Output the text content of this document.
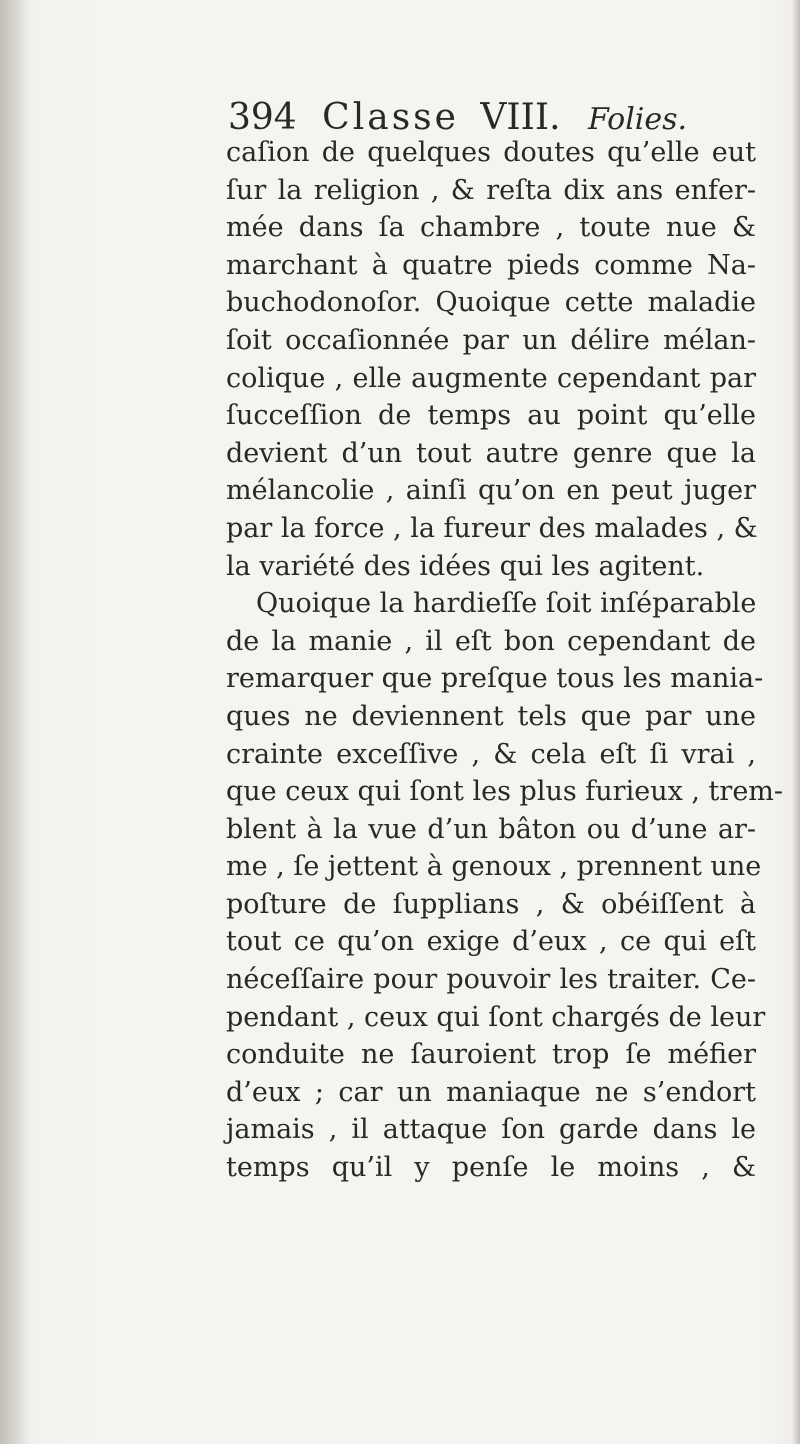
394 Classe VIII. Folies.
caſion de quelques doutes qu’elle eut
ſur la religion , & reſta dix ans enfer-
mée dans ſa chambre , toute nue &
marchant à quatre pieds comme Na-
buchodonoſor. Quoique cette maladie
ſoit occaſionnée par un délire mélan-
colique , elle augmente cependant par
ſucceſſion de temps au point qu’elle
devient d’un tout autre genre que la
mélancolie , ainſi qu’on en peut juger
par la force , la fureur des malades , &
la variété des idées qui les agitent.
Quoique la hardieſſe ſoit inſéparable
de la manie , il eſt bon cependant de
remarquer que preſque tous les mania-
ques ne deviennent tels que par une
crainte exceſſive , & cela eſt ſi vrai ,
que ceux qui ſont les plus furieux , trem-
blent à la vue d’un bâton ou d’une ar-
me , ſe jettent à genoux , prennent une
poſture de ſupplians , & obéiſſent à
tout ce qu’on exige d’eux , ce qui eſt
néceſſaire pour pouvoir les traiter. Ce-
pendant , ceux qui ſont chargés de leur
conduite ne ſauroient trop ſe méfier
d’eux ; car un maniaque ne s’endort
jamais , il attaque ſon garde dans le
temps qu’il y penſe le moins , &
